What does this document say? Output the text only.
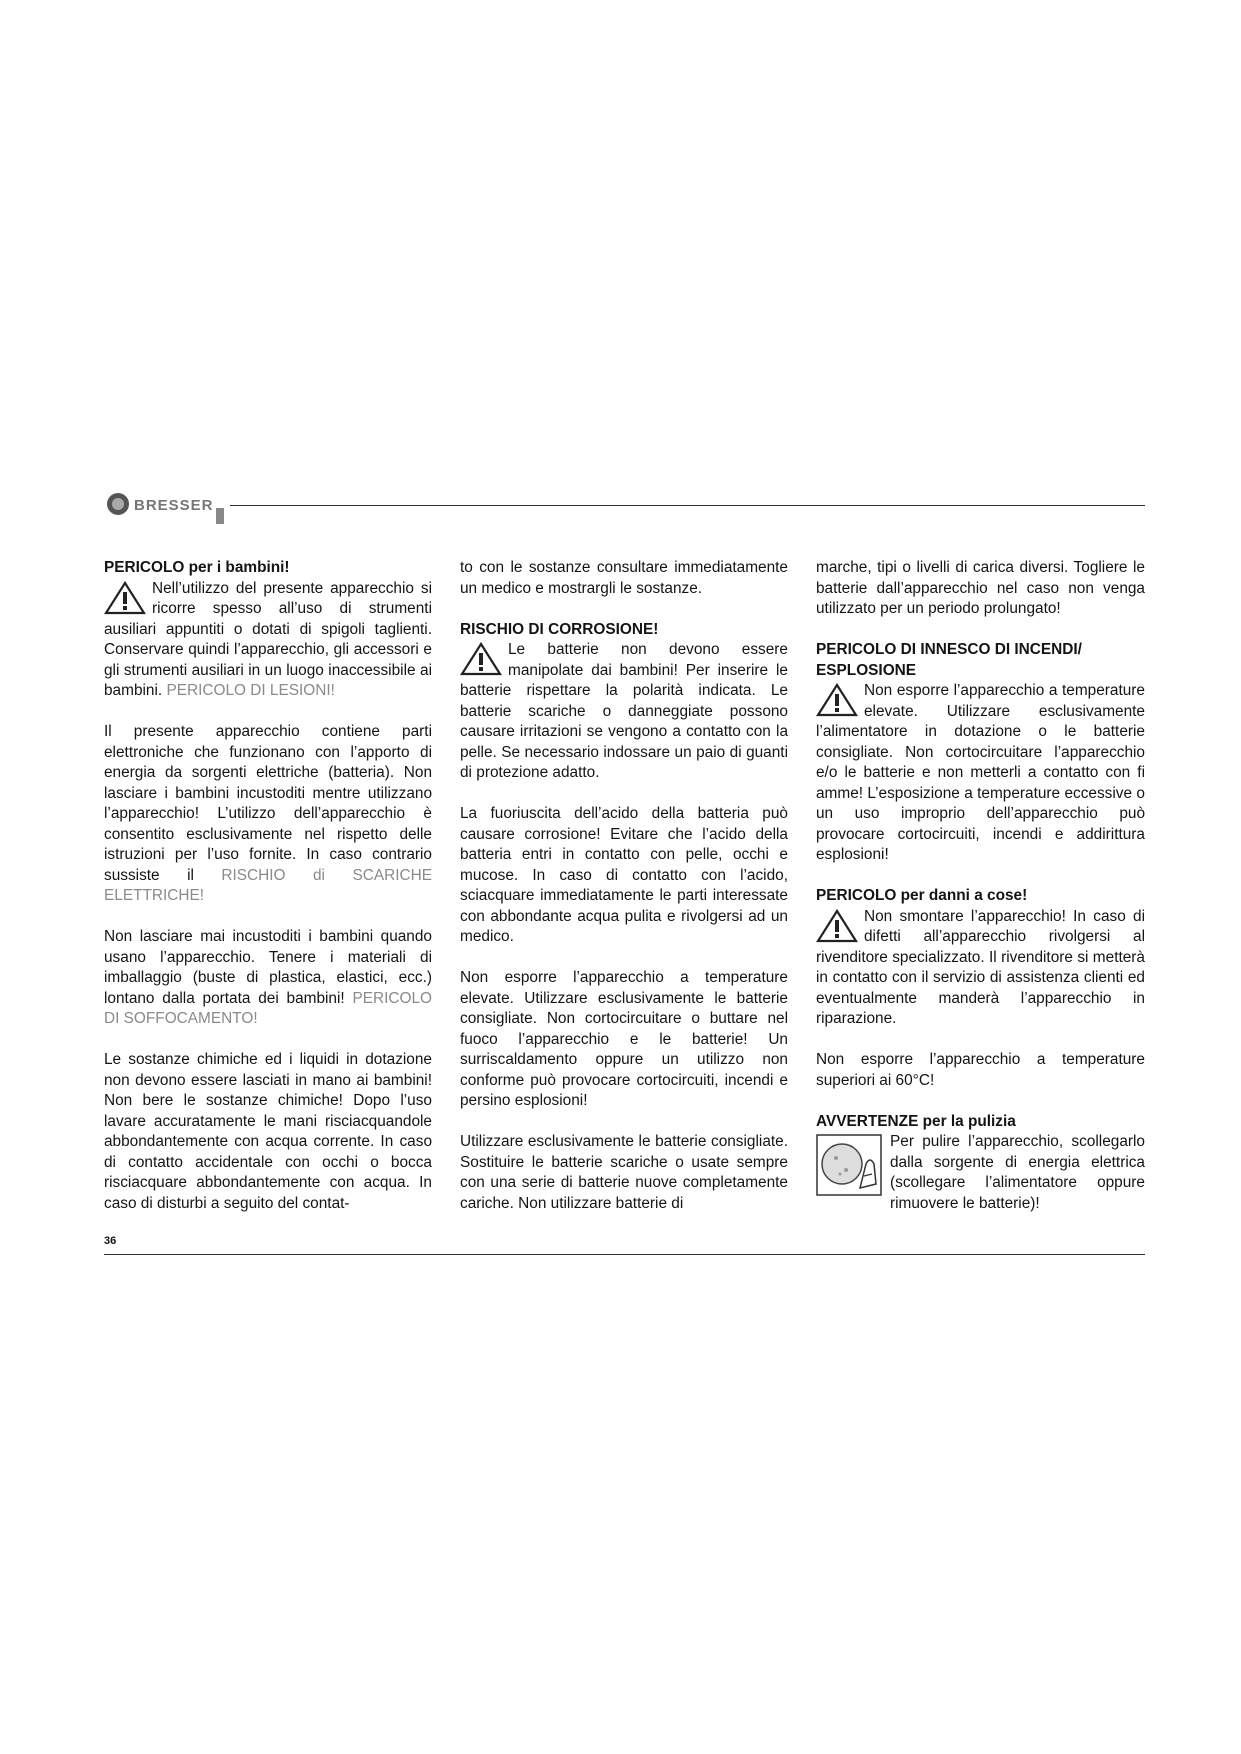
BRESSER

PERICOLO per i bambini!

Nell’utilizzo del presente apparecchio si ricorre spesso all’uso di strumenti ausiliari appuntiti o dotati di spigoli taglienti. Conservare quindi l’apparecchio, gli accessori e gli strumenti ausiliari in un luogo inaccessibile ai bambini. PERICOLO DI LESIONI!

Il presente apparecchio contiene parti elettroniche che funzionano con l’apporto di energia da sorgenti elettriche (batteria). Non lasciare i bambini incustoditi mentre utilizzano l’apparecchio! L’utilizzo dell’apparecchio è consentito esclusivamente nel rispetto delle istruzioni per l’uso fornite. In caso contrario sussiste il RISCHIO di SCARICHE ELETTRICHE!

Non lasciare mai incustoditi i bambini quando usano l’apparecchio. Tenere i materiali di imballaggio (buste di plastica, elastici, ecc.) lontano dalla portata dei bambini! PERICOLO DI SOFFOCAMENTO!

Le sostanze chimiche ed i liquidi in dotazione non devono essere lasciati in mano ai bambini! Non bere le sostanze chimiche! Dopo l’uso lavare accuratamente le mani risciacquandole abbondantemente con acqua corrente. In caso di contatto accidentale con occhi o bocca risciacquare abbondantemente con acqua. In caso di disturbi a seguito del contat-

to con le sostanze consultare immediatamente un medico e mostrargli le sostanze.

RISCHIO DI CORROSIONE!

Le batterie non devono essere manipolate dai bambini! Per inserire le batterie rispettare la polarità indicata. Le batterie scariche o danneggiate possono causare irritazioni se vengono a contatto con la pelle. Se necessario indossare un paio di guanti di protezione adatto.

La fuoriuscita dell’acido della batteria può causare corrosione! Evitare che l’acido della batteria entri in contatto con pelle, occhi e mucose. In caso di contatto con l’acido, sciacquare immediatamente le parti interessate con abbondante acqua pulita e rivolgersi ad un medico.

Non esporre l’apparecchio a temperature elevate. Utilizzare esclusivamente le batterie consigliate. Non cortocircuitare o buttare nel fuoco l’apparecchio e le batterie! Un surriscaldamento oppure un utilizzo non conforme può provocare cortocircuiti, incendi e persino esplosioni!

Utilizzare esclusivamente le batterie consigliate. Sostituire le batterie scariche o usate sempre con una serie di batterie nuove completamente cariche. Non utilizzare batterie di

marche, tipi o livelli di carica diversi. Togliere le batterie dall’apparecchio nel caso non venga utilizzato per un periodo prolungato!

PERICOLO DI INNESCO DI INCENDI/ ESPLOSIONE

Non esporre l’apparecchio a temperature elevate. Utilizzare esclusivamente l’alimentatore in dotazione o le batterie consigliate. Non cortocircuitare l’apparecchio e/o le batterie e non metterli a contatto con fi amme! L’esposizione a temperature eccessive o un uso improprio dell’apparecchio può provocare cortocircuiti, incendi e addirittura esplosioni!

PERICOLO per danni a cose!

Non smontare l’apparecchio! In caso di difetti all’apparecchio rivolgersi al rivenditore specializzato. Il rivenditore si metterà in contatto con il servizio di assistenza clienti ed eventualmente manderà l’apparecchio in riparazione.

Non esporre l’apparecchio a temperature superiori ai 60°C!

AVVERTENZE per la pulizia

Per pulire l’apparecchio, scollegarlo dalla sorgente di energia elettrica (scollegare l’alimentatore oppure rimuovere le batterie)!

36
